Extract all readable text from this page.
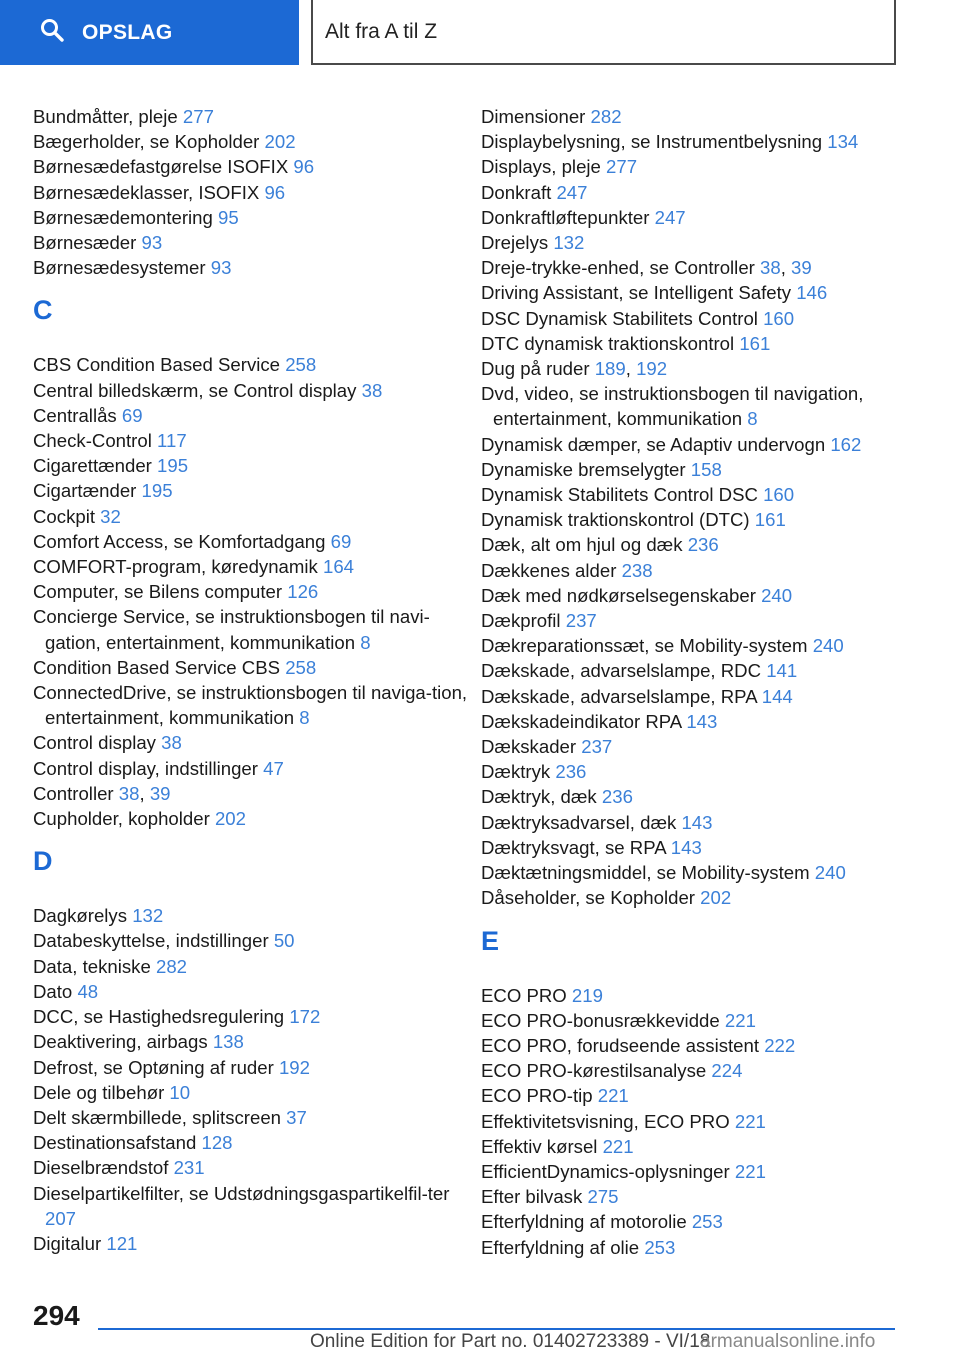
OPSLAG	Alt fra A til Z
Bundmåtter, pleje 277
Bægerholder, se Kopholder 202
Børnesædefastgørelse ISOFIX 96
Børnesædeklasser, ISOFIX 96
Børnesædemontering 95
Børnesæder 93
Børnesædesystemer 93
C
CBS Condition Based Service 258
Central billedskærm, se Control display 38
Centrallås 69
Check-Control 117
Cigarettænder 195
Cigartænder 195
Cockpit 32
Comfort Access, se Komfortadgang 69
COMFORT-program, køredynamik 164
Computer, se Bilens computer 126
Concierge Service, se instruktionsbogen til navi‐gation, entertainment, kommunikation 8
Condition Based Service CBS 258
ConnectedDrive, se instruktionsbogen til naviga‐tion, entertainment, kommunikation 8
Control display 38
Control display, indstillinger 47
Controller 38, 39
Cupholder, kopholder 202
D
Dagkørelys 132
Databeskyttelse, indstillinger 50
Data, tekniske 282
Dato 48
DCC, se Hastighedsregulering 172
Deaktivering, airbags 138
Defrost, se Optøning af ruder 192
Dele og tilbehør 10
Delt skærmbillede, splitscreen 37
Destinationsafstand 128
Dieselbrændstof 231
Dieselpartikelfilter, se Udstødningsgaspartikelfil‐ter 207
Digitalur 121
Dimensioner 282
Displaybelysning, se Instrumentbelysning 134
Displays, pleje 277
Donkraft 247
Donkraftløftepunkter 247
Drejelys 132
Dreje-trykke-enhed, se Controller 38, 39
Driving Assistant, se Intelligent Safety 146
DSC Dynamisk Stabilitets Control 160
DTC dynamisk traktionskontrol 161
Dug på ruder 189, 192
Dvd, video, se instruktionsbogen til navigation, entertainment, kommunikation 8
Dynamisk dæmper, se Adaptiv undervogn 162
Dynamiske bremselygter 158
Dynamisk Stabilitets Control DSC 160
Dynamisk traktionskontrol (DTC) 161
Dæk, alt om hjul og dæk 236
Dækkenes alder 238
Dæk med nødkørselsegenskaber 240
Dækprofil 237
Dækreparationssæt, se Mobility-system 240
Dækskade, advarselslampe, RDC 141
Dækskade, advarselslampe, RPA 144
Dækskadeindikator RPA 143
Dækskader 237
Dæktryk 236
Dæktryk, dæk 236
Dæktryksadvarsel, dæk 143
Dæktryksvagt, se RPA 143
Dæktætningsmiddel, se Mobility-system 240
Dåseholder, se Kopholder 202
E
ECO PRO 219
ECO PRO-bonusrækkevidde 221
ECO PRO, forudseende assistent 222
ECO PRO-kørestilsanalyse 224
ECO PRO-tip 221
Effektivitetsvisning, ECO PRO 221
Effektiv kørsel 221
EfficientDynamics-oplysninger 221
Efter bilvask 275
Efterfyldning af motorolie 253
Efterfyldning af olie 253
294
Online Edition for Part no. 01402723389 - VI/18
armanualsonline.info
